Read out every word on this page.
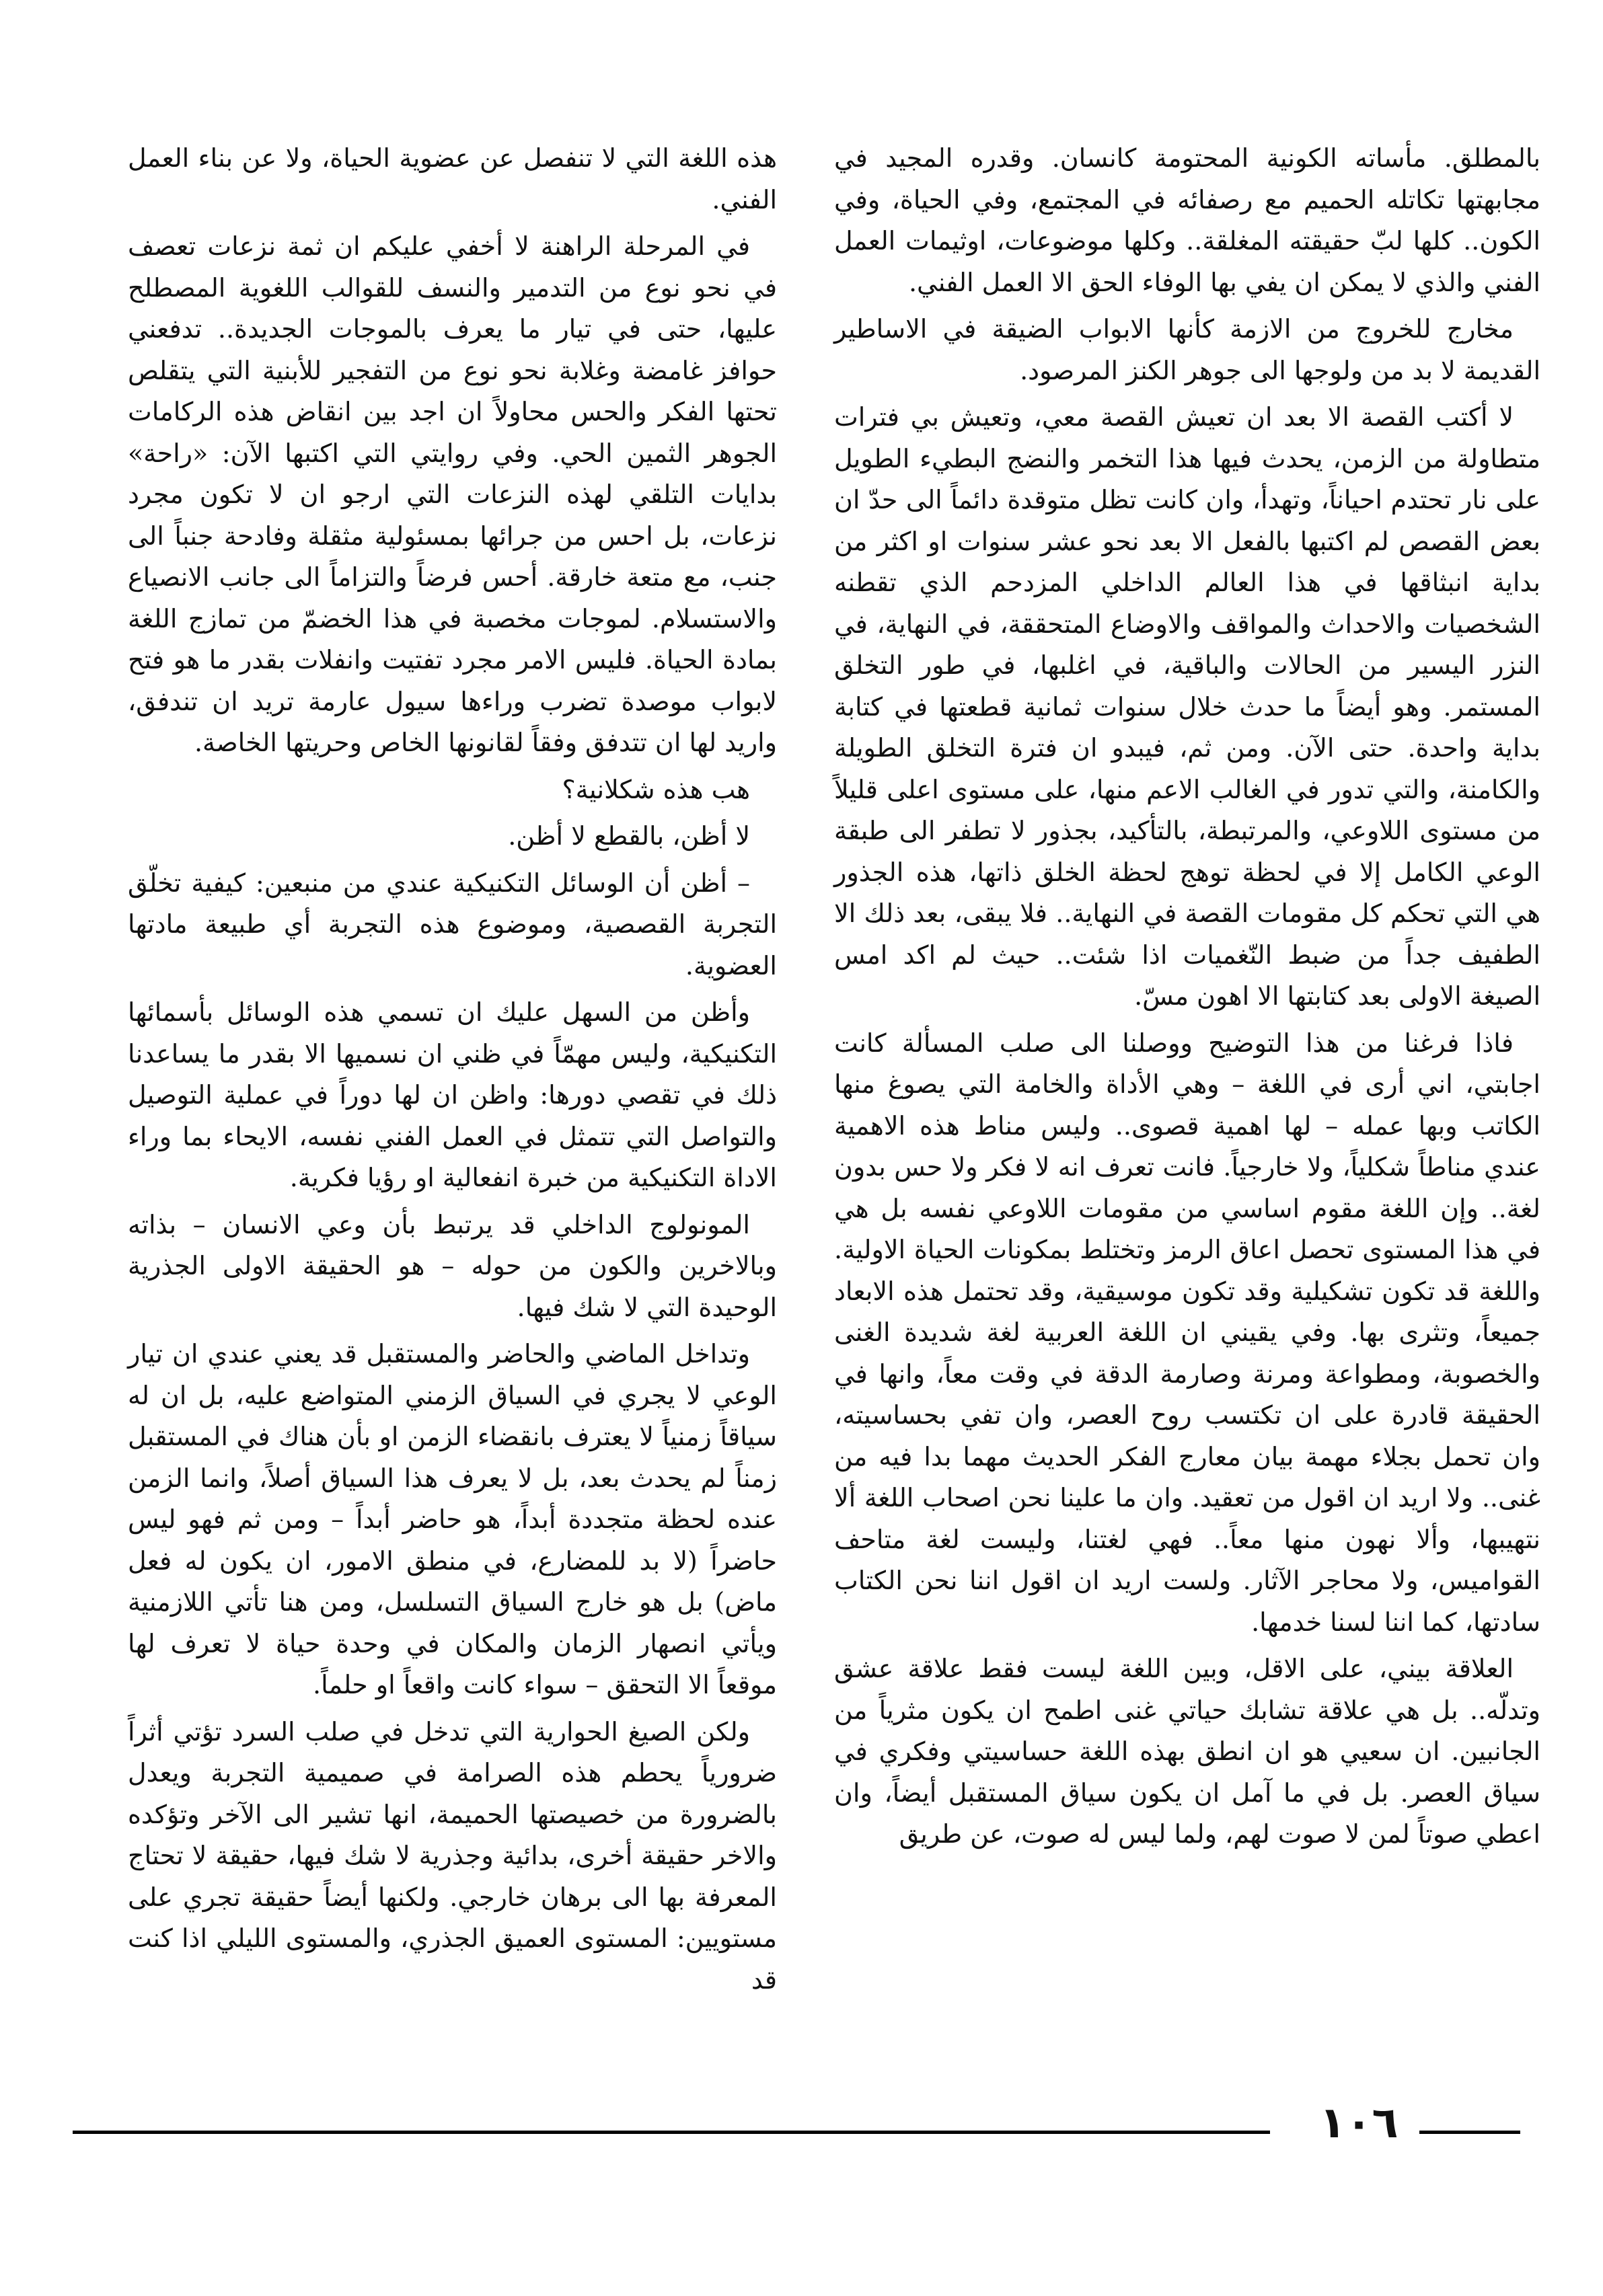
بالمطلق. مأساته الكونية المحتومة كانسان. وقدره المجيد في مجابهتها تكاتله الحميم مع رصفائه في المجتمع، وفي الحياة، وفي الكون.. كلها لبّ حقيقته المغلقة.. وكلها موضوعات، اوثيمات العمل الفني والذي لا يمكن ان يفي بها الوفاء الحق الا العمل الفني.

مخارج للخروج من الازمة كأنها الابواب الضيقة في الاساطير القديمة لا بد من ولوجها الى جوهر الكنز المرصود.

لا أكتب القصة الا بعد ان تعيش القصة معي، وتعيش بي فترات متطاولة من الزمن، يحدث فيها هذا التخمر والنضج البطيء الطويل على نار تحتدم احياناً، وتهدأ، وان كانت تظل متوقدة دائماً الى حدّ ان بعض القصص لم اكتبها بالفعل الا بعد نحو عشر سنوات او اكثر من بداية انبثاقها في هذا العالم الداخلي المزدحم الذي تقطنه الشخصيات والاحداث والمواقف والاوضاع المتحققة، في النهاية، في النزر اليسير من الحالات والباقية، في اغلبها، في طور التخلق المستمر. وهو أيضاً ما حدث خلال سنوات ثمانية قطعتها في كتابة بداية واحدة. حتى الآن. ومن ثم، فيبدو ان فترة التخلق الطويلة والكامنة، والتي تدور في الغالب الاعم منها، على مستوى اعلى قليلاً من مستوى اللاوعي، والمرتبطة، بالتأكيد، بجذور لا تطفر الى طبقة الوعي الكامل إلا في لحظة توهج لحظة الخلق ذاتها، هذه الجذور هي التي تحكم كل مقومات القصة في النهاية.. فلا يبقى، بعد ذلك الا الطفيف جداً من ضبط النّغميات اذا شئت.. حيث لم اكد امس الصيغة الاولى بعد كتابتها الا اهون مسّ.

فاذا فرغنا من هذا التوضيح ووصلنا الى صلب المسألة كانت اجابتي، اني أرى في اللغة – وهي الأداة والخامة التي يصوغ منها الكاتب وبها عمله – لها اهمية قصوى.. وليس مناط هذه الاهمية عندي مناطاً شكلياً، ولا خارجياً. فانت تعرف انه لا فكر ولا حس بدون لغة.. وإن اللغة مقوم اساسي من مقومات اللاوعي نفسه بل هي في هذا المستوى تحصل اعاق الرمز وتختلط بمكونات الحياة الاولية. واللغة قد تكون تشكيلية وقد تكون موسيقية، وقد تحتمل هذه الابعاد جميعاً، وتثرى بها. وفي يقيني ان اللغة العربية لغة شديدة الغنى والخصوبة، ومطواعة ومرنة وصارمة الدقة في وقت معاً، وانها في الحقيقة قادرة على ان تكتسب روح العصر، وان تفي بحساسيته، وان تحمل بجلاء مهمة بيان معارج الفكر الحديث مهما بدا فيه من غنى.. ولا اريد ان اقول من تعقيد. وان ما علينا نحن اصحاب اللغة ألا نتهيبها، وألا نهون منها معاً.. فهي لغتنا، وليست لغة متاحف القواميس، ولا محاجر الآثار. ولست اريد ان اقول اننا نحن الكتاب سادتها، كما اننا لسنا خدمها.

العلاقة بيني، على الاقل، وبين اللغة ليست فقط علاقة عشق وتدلّه.. بل هي علاقة تشابك حياتي غنى اطمح ان يكون مثرياً من الجانبين. ان سعيي هو ان انطق بهذه اللغة حساسيتي وفكري في سياق العصر. بل في ما آمل ان يكون سياق المستقبل أيضاً، وان اعطي صوتاً لمن لا صوت لهم، ولما ليس له صوت، عن طريق

هذه اللغة التي لا تنفصل عن عضوية الحياة، ولا عن بناء العمل الفني.

في المرحلة الراهنة لا أخفي عليكم ان ثمة نزعات تعصف في نحو نوع من التدمير والنسف للقوالب اللغوية المصطلح عليها، حتى في تيار ما يعرف بالموجات الجديدة.. تدفعني حوافز غامضة وغلابة نحو نوع من التفجير للأبنية التي يتقلص تحتها الفكر والحس محاولاً ان اجد بين انقاض هذه الركامات الجوهر الثمين الحي. وفي روايتي التي اكتبها الآن: «راحة» بدايات التلقي لهذه النزعات التي ارجو ان لا تكون مجرد نزعات، بل احس من جرائها بمسئولية مثقلة وفادحة جنباً الى جنب، مع متعة خارقة. أحس فرضاً والتزاماً الى جانب الانصياع والاستسلام. لموجات مخصبة في هذا الخضمّ من تمازج اللغة بمادة الحياة. فليس الامر مجرد تفتيت وانفلات بقدر ما هو فتح لابواب موصدة تضرب وراءها سيول عارمة تريد ان تندفق، واريد لها ان تتدفق وفقاً لقانونها الخاص وحريتها الخاصة.

هب هذه شكلانية؟

لا أظن، بالقطع لا أظن.

– أظن أن الوسائل التكنيكية عندي من منبعين: كيفية تخلّق التجربة القصصية، وموضوع هذه التجربة أي طبيعة مادتها العضوية.

وأظن من السهل عليك ان تسمي هذه الوسائل بأسمائها التكنيكية، وليس مهمّاً في ظني ان نسميها الا بقدر ما يساعدنا ذلك في تقصي دورها: واظن ان لها دوراً في عملية التوصيل والتواصل التي تتمثل في العمل الفني نفسه، الايحاء بما وراء الاداة التكنيكية من خبرة انفعالية او رؤيا فكرية.

المونولوج الداخلي قد يرتبط بأن وعي الانسان – بذاته وبالاخرين والكون من حوله – هو الحقيقة الاولى الجذرية الوحيدة التي لا شك فيها.

وتداخل الماضي والحاضر والمستقبل قد يعني عندي ان تيار الوعي لا يجري في السياق الزمني المتواضع عليه، بل ان له سياقاً زمنياً لا يعترف بانقضاء الزمن او بأن هناك في المستقبل زمناً لم يحدث بعد، بل لا يعرف هذا السياق أصلاً، وانما الزمن عنده لحظة متجددة أبداً، هو حاضر أبداً – ومن ثم فهو ليس حاضراً (لا بد للمضارع، في منطق الامور، ان يكون له فعل ماض) بل هو خارج السياق التسلسل، ومن هنا تأتي اللازمنية ويأتي انصهار الزمان والمكان في وحدة حياة لا تعرف لها موقعاً الا التحقق – سواء كانت واقعاً او حلماً.

ولكن الصيغ الحوارية التي تدخل في صلب السرد تؤتي أثراً ضرورياً يحطم هذه الصرامة في صميمية التجربة ويعدل بالضرورة من خصيصتها الحميمة، انها تشير الى الآخر وتؤكده والاخر حقيقة أخرى، بدائية وجذرية لا شك فيها، حقيقة لا تحتاج المعرفة بها الى برهان خارجي. ولكنها أيضاً حقيقة تجري على مستويين: المستوى العميق الجذري، والمستوى الليلي اذا كنت قد

١٠٦
